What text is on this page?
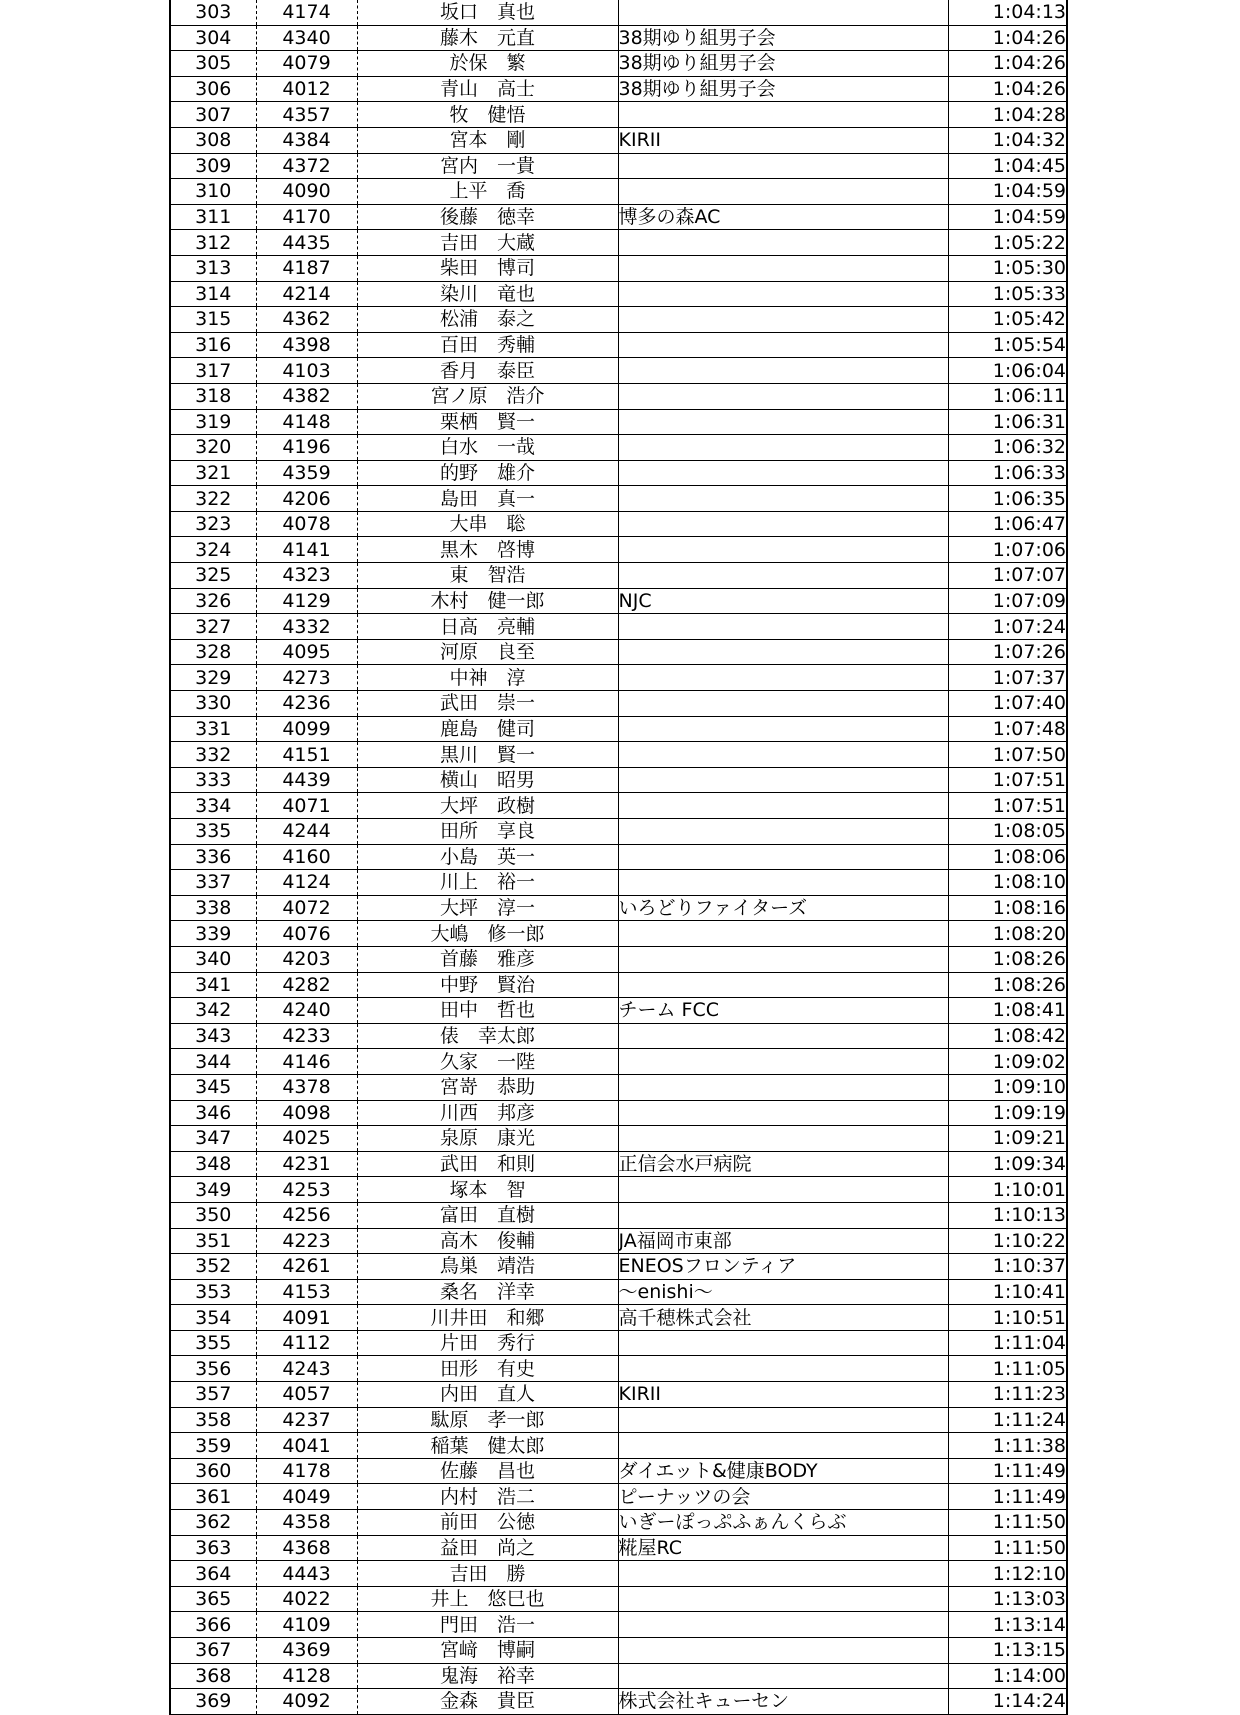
303	4174	坂口　真也		1:04:13
304	4340	藤木　元直	38期ゆり組男子会	1:04:26
305	4079	於保　繁	38期ゆり組男子会	1:04:26
306	4012	青山　高士	38期ゆり組男子会	1:04:26
307	4357	牧　健悟		1:04:28
308	4384	宮本　剛	KIRII	1:04:32
309	4372	宮内　一貴		1:04:45
310	4090	上平　喬		1:04:59
311	4170	後藤　徳幸	博多の森AC	1:04:59
312	4435	吉田　大蔵		1:05:22
313	4187	柴田　博司		1:05:30
314	4214	染川　竜也		1:05:33
315	4362	松浦　泰之		1:05:42
316	4398	百田　秀輔		1:05:54
317	4103	香月　泰臣		1:06:04
318	4382	宮ノ原　浩介		1:06:11
319	4148	栗栖　賢一		1:06:31
320	4196	白水　一哉		1:06:32
321	4359	的野　雄介		1:06:33
322	4206	島田　真一		1:06:35
323	4078	大串　聡		1:06:47
324	4141	黒木　啓博		1:07:06
325	4323	東　智浩		1:07:07
326	4129	木村　健一郎	NJC	1:07:09
327	4332	日高　亮輔		1:07:24
328	4095	河原　良至		1:07:26
329	4273	中神　淳		1:07:37
330	4236	武田　崇一		1:07:40
331	4099	鹿島　健司		1:07:48
332	4151	黒川　賢一		1:07:50
333	4439	横山　昭男		1:07:51
334	4071	大坪　政樹		1:07:51
335	4244	田所　享良		1:08:05
336	4160	小島　英一		1:08:06
337	4124	川上　裕一		1:08:10
338	4072	大坪　淳一	いろどりファイターズ	1:08:16
339	4076	大嶋　修一郎		1:08:20
340	4203	首藤　雅彦		1:08:26
341	4282	中野　賢治		1:08:26
342	4240	田中　哲也	チーム FCC	1:08:41
343	4233	俵　幸太郎		1:08:42
344	4146	久家　一陛		1:09:02
345	4378	宮嵜　恭助		1:09:10
346	4098	川西　邦彦		1:09:19
347	4025	泉原　康光		1:09:21
348	4231	武田　和則	正信会水戸病院	1:09:34
349	4253	塚本　智		1:10:01
350	4256	富田　直樹		1:10:13
351	4223	高木　俊輔	JA福岡市東部	1:10:22
352	4261	鳥巣　靖浩	ENEOSフロンティア	1:10:37
353	4153	桑名　洋幸	〜enishi〜	1:10:41
354	4091	川井田　和郷	高千穂株式会社	1:10:51
355	4112	片田　秀行		1:11:04
356	4243	田形　有史		1:11:05
357	4057	内田　直人	KIRII	1:11:23
358	4237	駄原　孝一郎		1:11:24
359	4041	稲葉　健太郎		1:11:38
360	4178	佐藤　昌也	ダイエット&健康BODY	1:11:49
361	4049	内村　浩二	ピーナッツの会	1:11:49
362	4358	前田　公徳	いぎーぽっぷふぁんくらぶ	1:11:50
363	4368	益田　尚之	糀屋RC	1:11:50
364	4443	吉田　勝		1:12:10
365	4022	井上　悠巳也		1:13:03
366	4109	門田　浩一		1:13:14
367	4369	宮﨑　博嗣		1:13:15
368	4128	鬼海　裕幸		1:14:00
369	4092	金森　貴臣	株式会社キューセン	1:14:24
